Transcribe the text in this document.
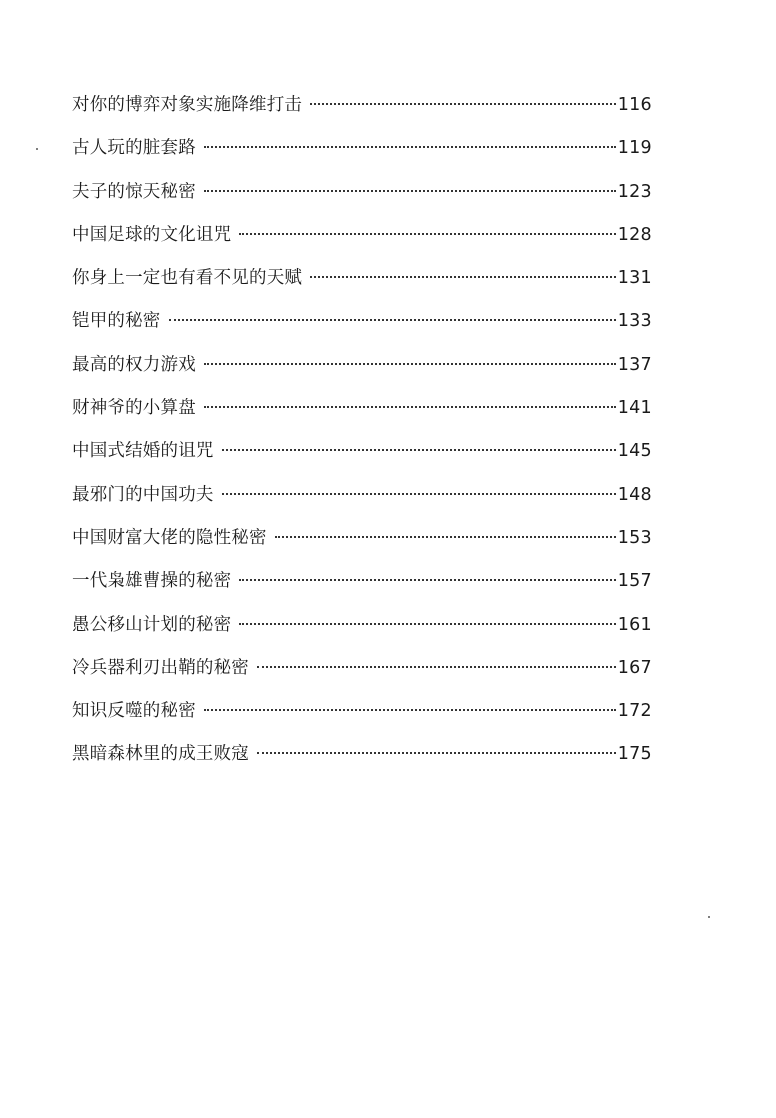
对你的博弈对象实施降维打击	116
古人玩的脏套路	119
夫子的惊天秘密	123
中国足球的文化诅咒	128
你身上一定也有看不见的天赋	131
铠甲的秘密	133
最高的权力游戏	137
财神爷的小算盘	141
中国式结婚的诅咒	145
最邪门的中国功夫	148
中国财富大佬的隐性秘密	153
一代枭雄曹操的秘密	157
愚公移山计划的秘密	161
冷兵器利刃出鞘的秘密	167
知识反噬的秘密	172
黑暗森林里的成王败寇	175
